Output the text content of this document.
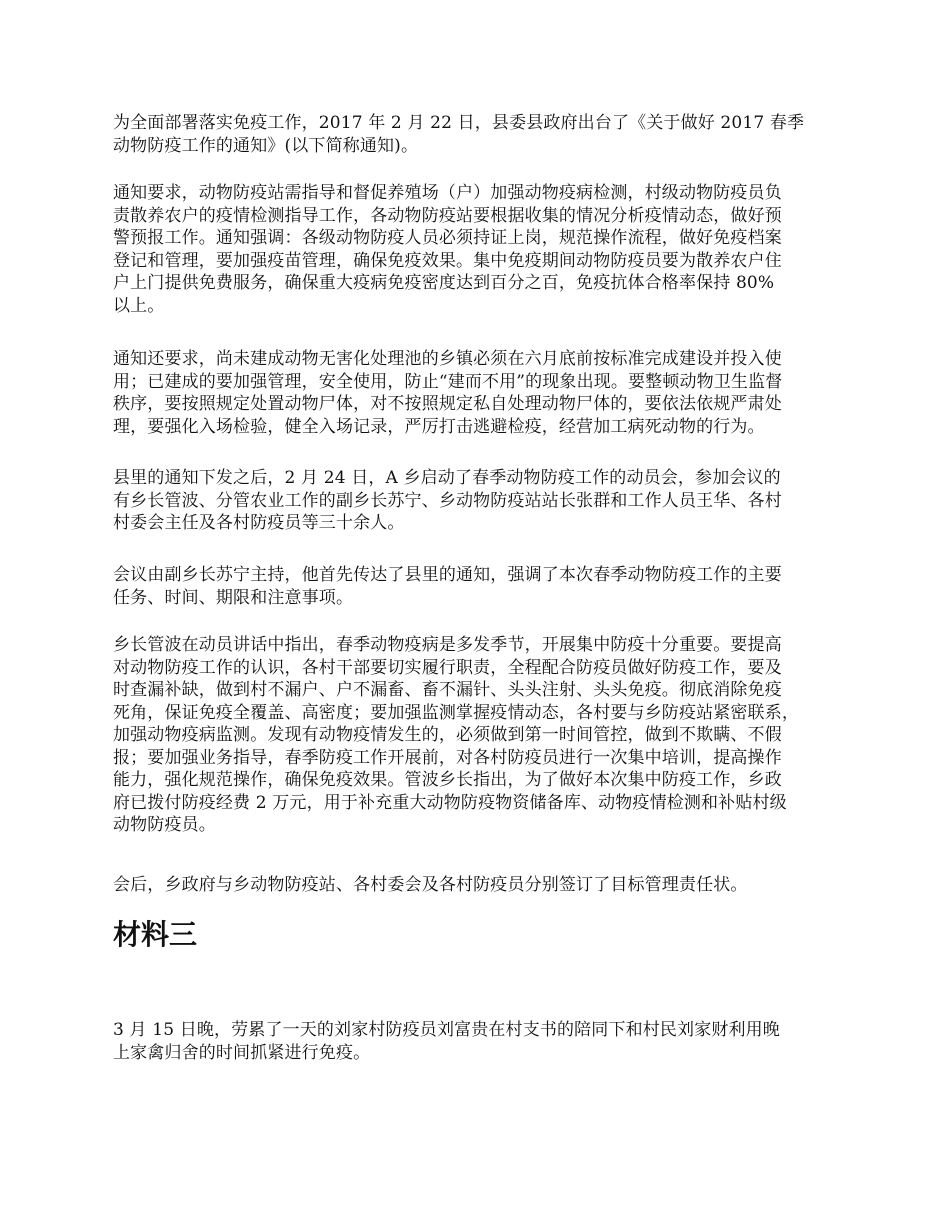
为全面部署落实免疫工作，2017 年 2 月 22 日，县委县政府出台了《关于做好 2017 春季
动物防疫工作的通知》(以下简称通知)。

通知要求，动物防疫站需指导和督促养殖场（户）加强动物疫病检测，村级动物防疫员负
责散养农户的疫情检测指导工作，各动物防疫站要根据收集的情况分析疫情动态，做好预
警预报工作。通知强调：各级动物防疫人员必须持证上岗，规范操作流程，做好免疫档案
登记和管理，要加强疫苗管理，确保免疫效果。集中免疫期间动物防疫员要为散养农户住
户上门提供免费服务，确保重大疫病免疫密度达到百分之百，免疫抗体合格率保持 80%
以上。

通知还要求，尚未建成动物无害化处理池的乡镇必须在六月底前按标准完成建设并投入使
用；已建成的要加强管理，安全使用，防止“建而不用”的现象出现。要整顿动物卫生监督
秩序，要按照规定处置动物尸体，对不按照规定私自处理动物尸体的，要依法依规严肃处
理，要强化入场检验，健全入场记录，严厉打击逃避检疫，经营加工病死动物的行为。

县里的通知下发之后，2 月 24 日，A 乡启动了春季动物防疫工作的动员会，参加会议的
有乡长管波、分管农业工作的副乡长苏宁、乡动物防疫站站长张群和工作人员王华、各村
村委会主任及各村防疫员等三十余人。

会议由副乡长苏宁主持，他首先传达了县里的通知，强调了本次春季动物防疫工作的主要
任务、时间、期限和注意事项。

乡长管波在动员讲话中指出，春季动物疫病是多发季节，开展集中防疫十分重要。要提高
对动物防疫工作的认识，各村干部要切实履行职责，全程配合防疫员做好防疫工作，要及
时查漏补缺，做到村不漏户、户不漏畜、畜不漏针、头头注射、头头免疫。彻底消除免疫
死角，保证免疫全覆盖、高密度；要加强监测掌握疫情动态，各村要与乡防疫站紧密联系，
加强动物疫病监测。发现有动物疫情发生的，必须做到第一时间管控，做到不欺瞒、不假
报；要加强业务指导，春季防疫工作开展前，对各村防疫员进行一次集中培训，提高操作
能力，强化规范操作，确保免疫效果。管波乡长指出，为了做好本次集中防疫工作，乡政
府已拨付防疫经费 2 万元，用于补充重大动物防疫物资储备库、动物疫情检测和补贴村级
动物防疫员。

会后，乡政府与乡动物防疫站、各村委会及各村防疫员分别签订了目标管理责任状。

材料三

3 月 15 日晚，劳累了一天的刘家村防疫员刘富贵在村支书的陪同下和村民刘家财利用晚
上家禽归舍的时间抓紧进行免疫。
